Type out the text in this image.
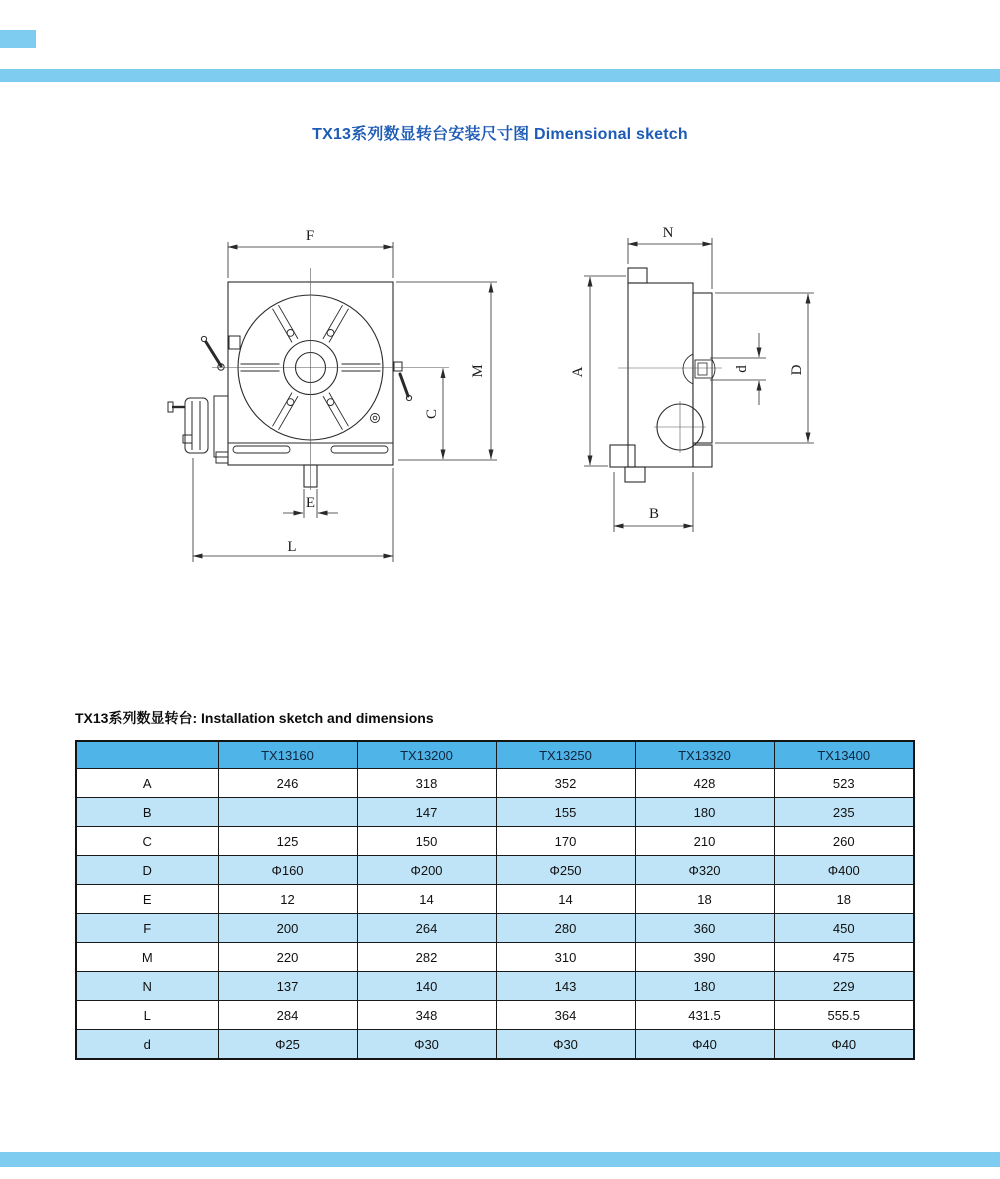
TX13系列数显转台安装尺寸图 Dimensional sketch
F
M
C
E
L
N
A	d	D
B
TX13系列数显转台: Installation sketch and dimensions
	TX13160	TX13200	TX13250	TX13320	TX13400
A	246	318	352	428	523
B		147	155	180	235
C	125	150	170	210	260
D	Φ160	Φ200	Φ250	Φ320	Φ400
E	12	14	14	18	18
F	200	264	280	360	450
M	220	282	310	390	475
N	137	140	143	180	229
L	284	348	364	431.5	555.5
d	Φ25	Φ30	Φ30	Φ40	Φ40
